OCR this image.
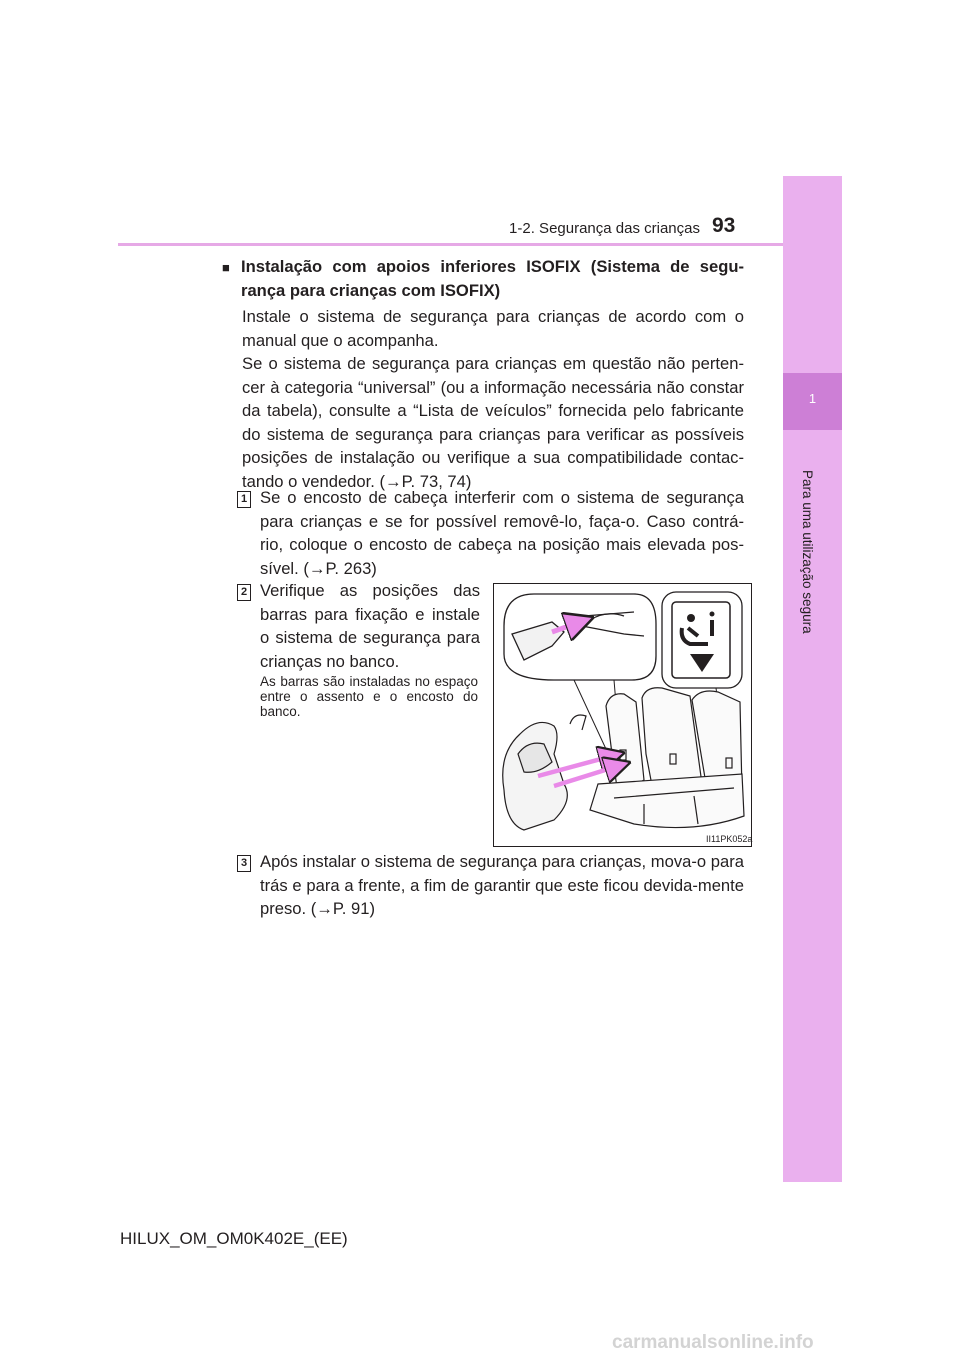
1-2. Segurança das crianças 93
1
Para uma utilização segura
■ Instalação com apoios inferiores ISOFIX (Sistema de segu-rança para crianças com ISOFIX)
Instale o sistema de segurança para crianças de acordo com o manual que o acompanha.
Se o sistema de segurança para crianças em questão não perten-cer à categoria “universal” (ou a informação necessária não constar da tabela), consulte a “Lista de veículos” fornecida pelo fabricante do sistema de segurança para crianças para verificar as possíveis posições de instalação ou verifique a sua compatibilidade contac-tando o vendedor. (→P. 73, 74)
1 Se o encosto de cabeça interferir com o sistema de segurança para crianças e se for possível removê-lo, faça-o. Caso contrá-rio, coloque o encosto de cabeça na posição mais elevada pos-sível. (→P. 263)
2 Verifique as posições das barras para fixação e instale o sistema de segurança para crianças no banco.
As barras são instaladas no espaço entre o assento e o encosto do banco.
II11PK052a
3 Após instalar o sistema de segurança para crianças, mova-o para trás e para a frente, a fim de garantir que este ficou devida-mente preso. (→P. 91)
HILUX_OM_OM0K402E_(EE)
carmanualsonline.info
